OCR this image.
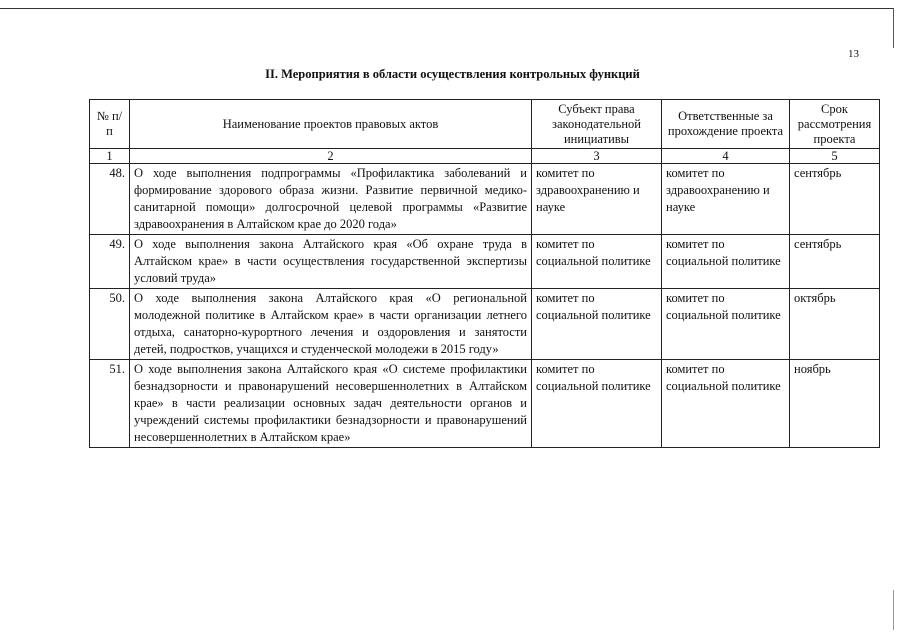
13
II. Мероприятия в области осуществления контрольных функций
№ п/п	Наименование проектов правовых актов	Субъект права законодательной инициативы	Ответственные за прохождение проекта	Срок рассмотрения проекта
1	2	3	4	5
48.	О ходе выполнения подпрограммы «Профилактика заболеваний и формирование здорового образа жизни. Развитие первичной медико-санитарной помощи» долгосрочной целевой программы «Развитие здравоохранения в Алтайском крае до 2020 года»	комитет по здравоохранению и науке	комитет по здравоохранению и науке	сентябрь
49.	О ходе выполнения закона Алтайского края «Об охране труда в Алтайском крае» в части осуществления государственной экспертизы условий труда»	комитет по социальной политике	комитет по социальной политике	сентябрь
50.	О ходе выполнения закона Алтайского края «О региональной молодежной политике в Алтайском крае» в части организации летнего отдыха, санаторно-курортного лечения и оздоровления и занятости детей, подростков, учащихся и студенческой молодежи в 2015 году»	комитет по социальной политике	комитет по социальной политике	октябрь
51.	О ходе выполнения закона Алтайского края «О системе профилактики безнадзорности и правонарушений несовершеннолетних в Алтайском крае» в части реализации основных задач деятельности органов и учреждений системы профилактики безнадзорности и правонарушений несовершеннолетних в Алтайском крае»	комитет по социальной политике	комитет по социальной политике	ноябрь
